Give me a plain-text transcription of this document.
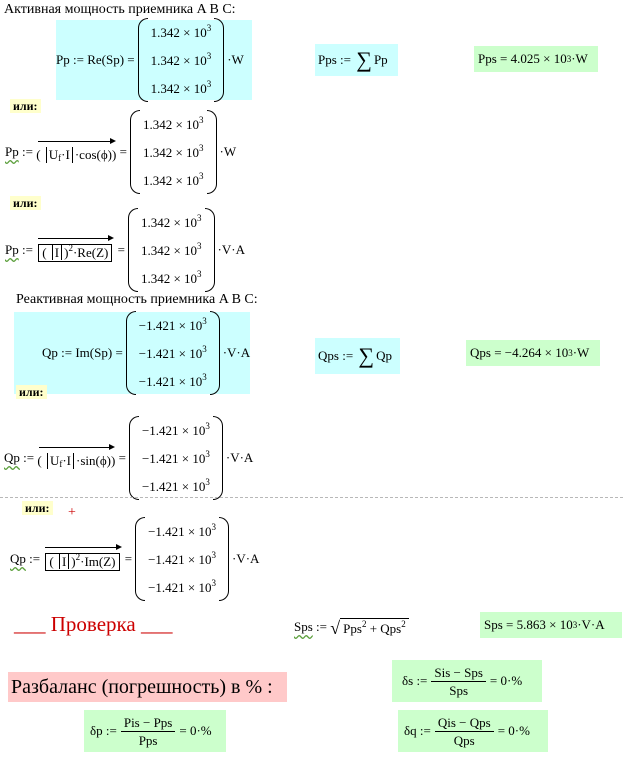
Активная мощность приемника A B C:
Pp
:=
Re(Sp)
=
$1.342 \times 10^3$
$1.342 \times 10^3$
$1.342 \times 10^3$
·W	Pps
:=
∑ Pp	Pps
= 4.025 × 10 3 ·W
или:
Pp
:=
( $U_f\cdot I \cdot\cos(\phi)$ )
=
$1.342 \times 10^3$
$1.342 \times 10^3$
$1.342 \times 10^3$
·W
или:
Pp
:=
( I )$^2$·Re(Z)
=
$1.342 \times 10^3$
$1.342 \times 10^3$
$1.342 \times 10^3$
·V·A
Реактивная мощность приемника A B C:
Qp
:=
Im(Sp)
=
$-1.421 \times 10^3$
$-1.421 \times 10^3$
$-1.421 \times 10^3$
·V·A	Qps
:=
∑ Qp	Qps
= −4.264 × 10 3 ·W
или:
Qp
:=
( $U_f\cdot I \cdot\sin(\phi)$ )
=
$-1.421 \times 10^3$
$-1.421 \times 10^3$
$-1.421 \times 10^3$
·V·A
или: +
Qp
:=
( I )$^2$·Im(Z)
=
$-1.421 \times 10^3$
$-1.421 \times 10^3$
$-1.421 \times 10^3$
·V·A
___
Проверка
___	Sps
:=
√ Pps$^2$ + Qps$^2$	Sps
= 5.863 × 10 3 ·V·A
Разбаланс (погрешность) в % :	δs
:= $\frac{\text{Sis − Sps}}{\text{Sps}} = 0\cdot\%$
δp
:= $\frac{\text{Pis − Pps}}{\text{Pps}} = 0\cdot\%$	δq
:= $\frac{\text{Qis − Qps}}{\text{Qps}} = 0\cdot\%$
